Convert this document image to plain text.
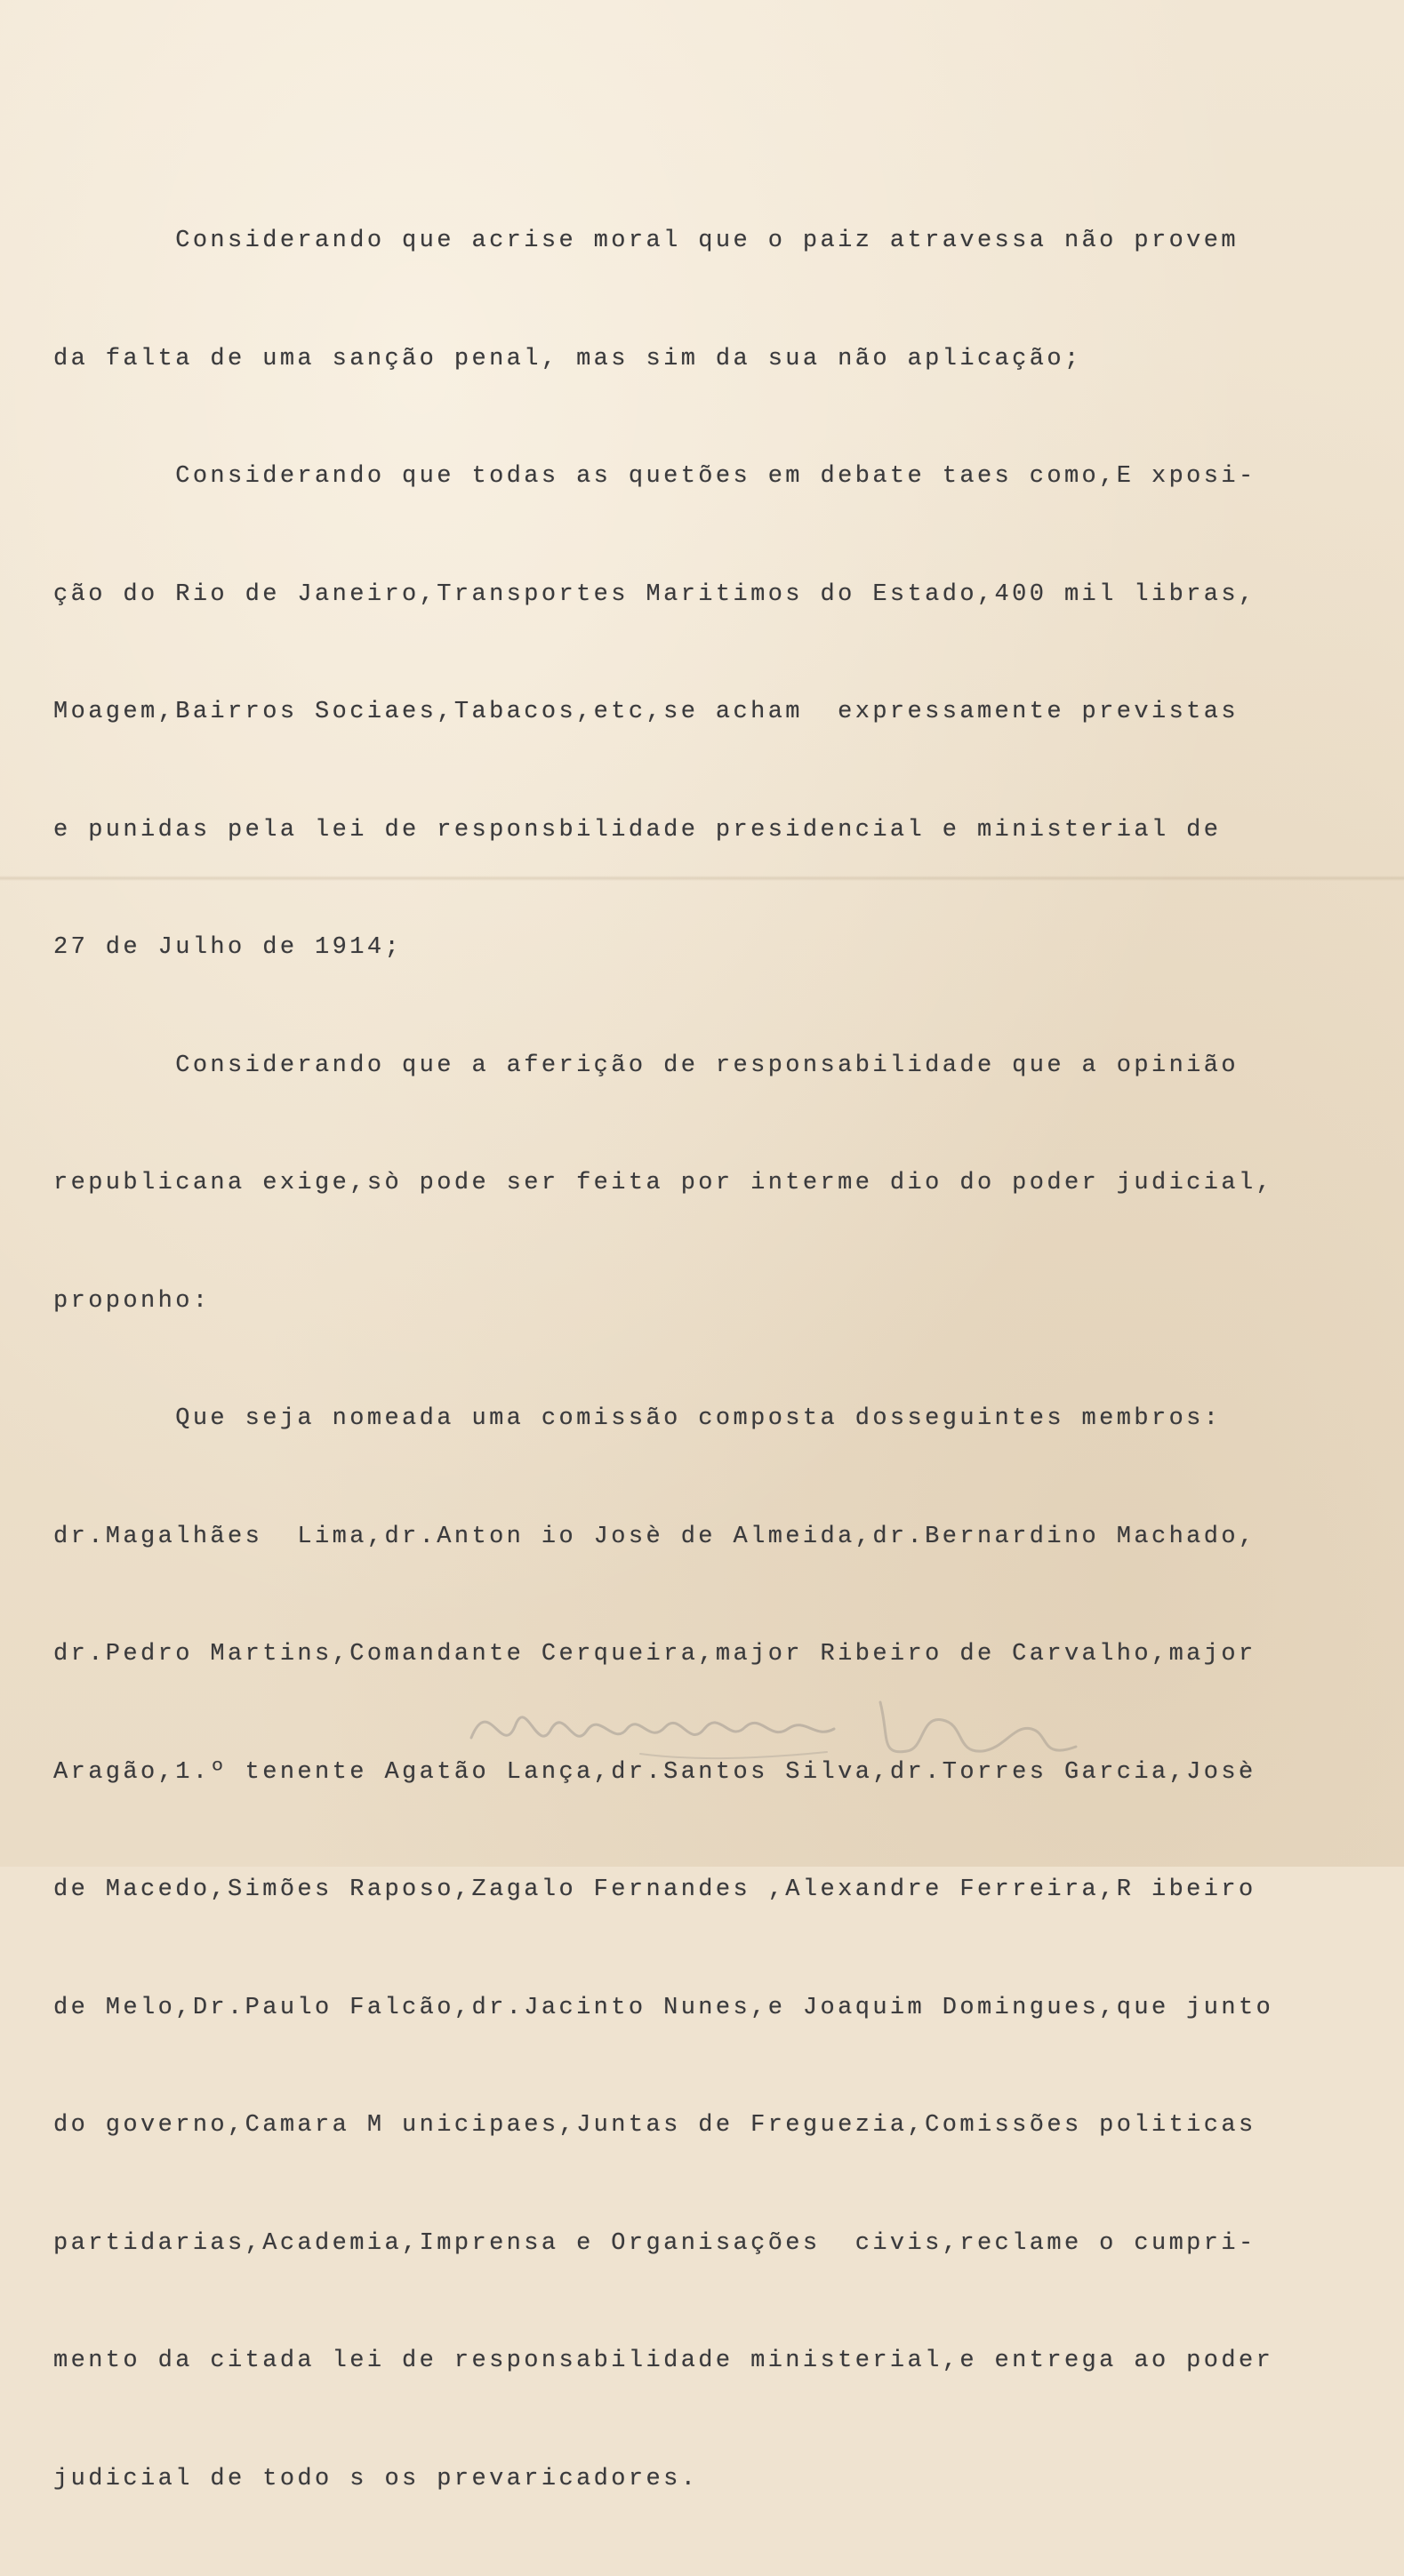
Considerando que acrise moral que o paiz atravessa não provem

da falta de uma sanção penal, mas sim da sua não aplicação;

Considerando que todas as quetões em debate taes como,E xposi-

ção do Rio de Janeiro,Transportes Maritimos do Estado,400 mil libras,

Moagem,Bairros Sociaes,Tabacos,etc,se acham  expressamente previstas

e punidas pela lei de responsbilidade presidencial e ministerial de

27 de Julho de 1914;

Considerando que a aferição de responsabilidade que a opinião

republicana exige,sò pode ser feita por interme dio do poder judicial,

proponho:

Que seja nomeada uma comissão composta dosseguintes membros:

dr.Magalhães  Lima,dr.Anton io Josè de Almeida,dr.Bernardino Machado,

dr.Pedro Martins,Comandante Cerqueira,major Ribeiro de Carvalho,major

Aragão,1.º tenente Agatão Lança,dr.Santos Silva,dr.Torres Garcia,Josè

de Macedo,Simões Raposo,Zagalo Fernandes ,Alexandre Ferreira,R ibeiro

de Melo,Dr.Paulo Falcão,dr.Jacinto Nunes,e Joaquim Domingues,que junto

do governo,Camara M unicipaes,Juntas de Freguezia,Comissões politicas

partidarias,Academia,Imprensa e Organisações  civis,reclame o cumpri-

mento da citada lei de responsabilidade ministerial,e entrega ao poder

judicial de todo s os prevaricadores.
